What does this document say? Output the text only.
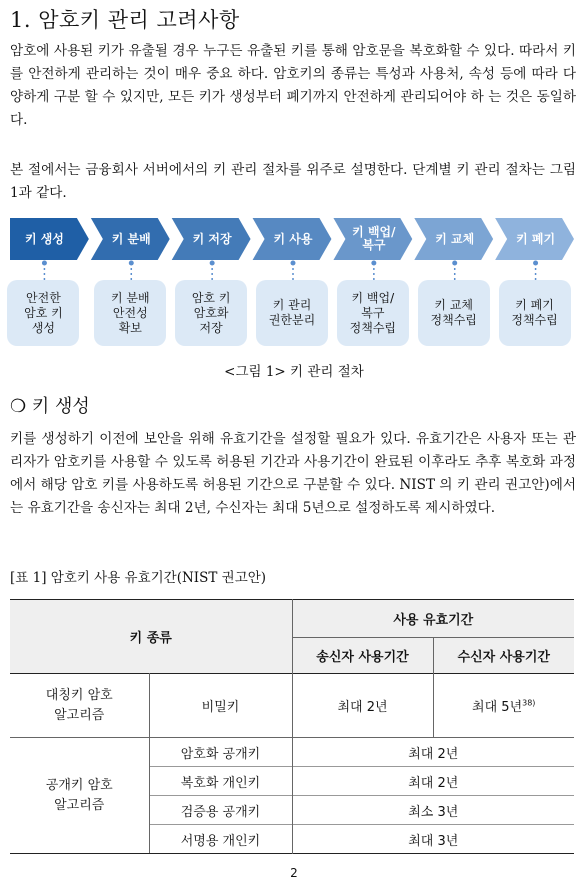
1. 암호키 관리 고려사항

암호에 사용된 키가 유출될 경우 누구든 유출된 키를 통해 암호문을 복호화할 수 있다. 따라서 키를 안전하게 관리하는 것이 매우 중요 하다. 암호키의 종류는 특성과 사용처, 속성 등에 따라 다양하게 구분 할 수 있지만, 모든 키가 생성부터 폐기까지 안전하게 관리되어야 하 는 것은 동일하다.

본 절에서는 금융회사 서버에서의 키 관리 절차를 위주로 설명한다. 단계별 키 관리 절차는 그림 1과 같다.

키 생성	키 분배	키 저장	키 사용	키 백업/
복구	키 교체	키 폐기
안전한
암호 키
생성
키 분배
안전성
확보
암호 키
암호화
저장
키 관리
권한분리
키 백업/
복구
정책수립
키 교체
정책수립
키 폐기
정책수립
<그림 1> 키 관리 절차
❍ 키 생성

키를 생성하기 이전에 보안을 위해 유효기간을 설정할 필요가 있다. 유효기간은 사용자 또는 관리자가 암호키를 사용할 수 있도록 허용된 기간과 사용기간이 완료된 이후라도 추후 복호화 과정에서 해당 암호 키를 사용하도록 허용된 기간으로 구분할 수 있다. NIST 의 키 관리 권고안)에서는 유효기간을 송신자는 최대 2년, 수신자는 최대 5년으로 설정하도록 제시하였다.

[표 1] 암호키 사용 유효기간(NIST 권고안)
키 종류		사용 유효기간	
		송신자 사용기간	수신자 사용기간
대칭키 암호
알고리즘	비밀키	최대 2년	최대 5년$^{38)}$
공개키 암호
알고리즘	암호화 공개키	최대 2년	
	복호화 개인키	최대 2년	
	검증용 공개키	최소 3년	
	서명용 개인키	최대 3년	
2
